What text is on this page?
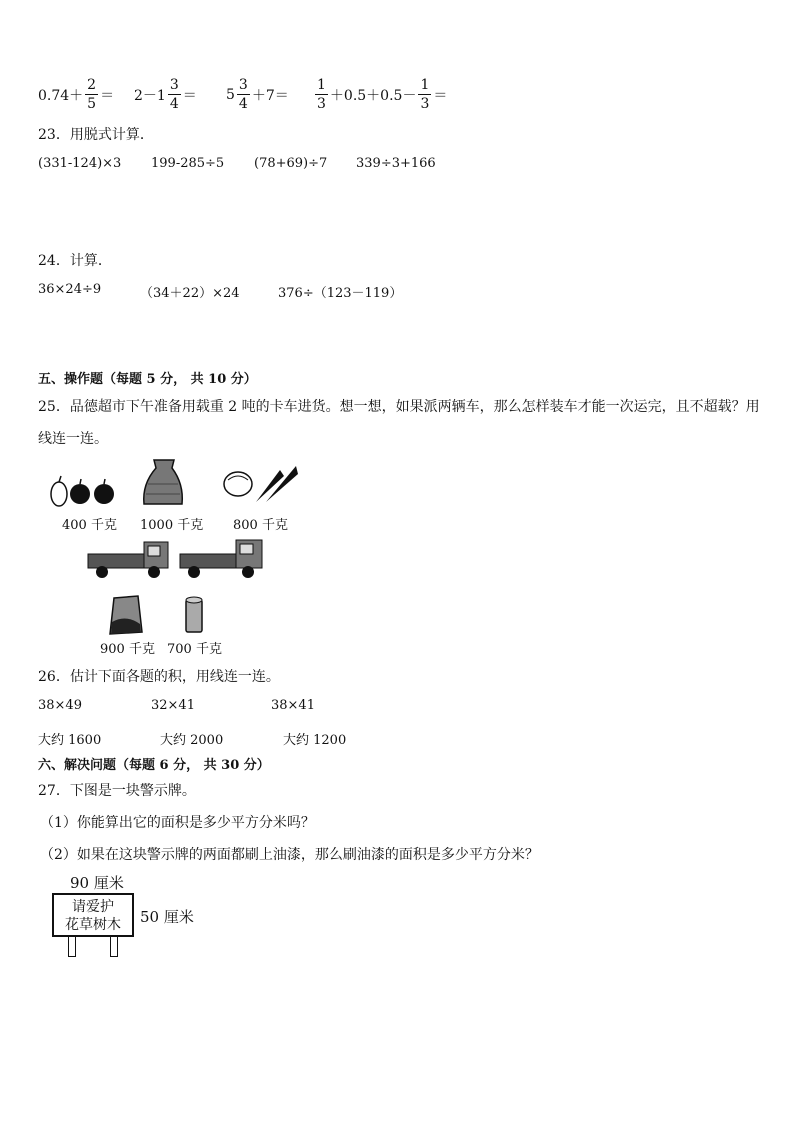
$0.74+ \frac{2}{5} = 2-1 \frac{3}{4} = 5 \frac{3}{4} +7= \frac{1}{3} +0.5+0.5- \frac{1}{3}$ ＝
23．用脱式计算．
(331-124)×3 199-285÷5 (78+69)÷7 339÷3+166
24．计算．
36×24÷9	（34＋22）×24	376÷（123－119）
五、操作题（每题 5 分， 共 10 分）
25．品德超市下午准备用载重 2 吨的卡车进货。想一想，如果派两辆车，那么怎样装车才能一次运完，且不超载？用
线连一连。
400 千克 1000 千克 800 千克
900 千克 700 千克
26．估计下面各题的积，用线连一连。
38×49	32×41	38×41
大约 1600	大约 2000	大约 1200
六、解决问题（每题 6 分， 共 30 分）
27．下图是一块警示牌。
（1）你能算出它的面积是多少平方分米吗？
（2）如果在这块警示牌的两面都刷上油漆，那么刷油漆的面积是多少平方分米？
90 厘米
请爱护
花草树木	50 厘米
